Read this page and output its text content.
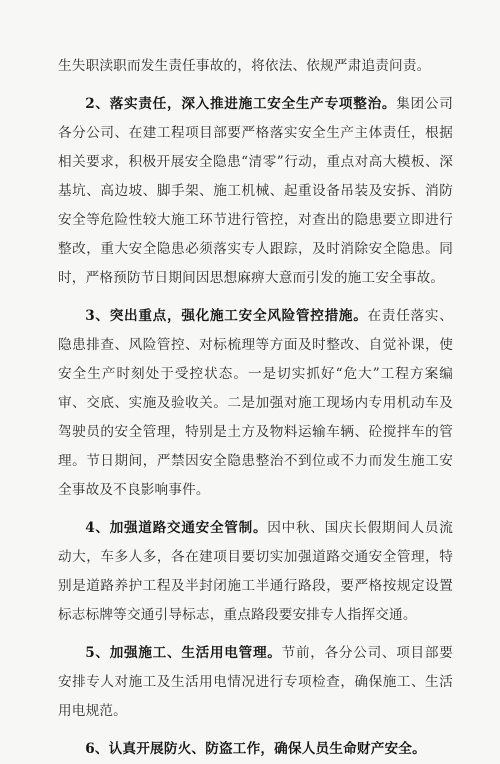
生失职渎职而发生责任事故的，将依法、依规严肃追责问责。

2、落实责任，深入推进施工安全生产专项整治。集团公司各分公司、在建工程项目部要严格落实安全生产主体责任，根据相关要求，积极开展安全隐患“清零”行动，重点对高大模板、深基坑、高边坡、脚手架、施工机械、起重设备吊装及安拆、消防安全等危险性较大施工环节进行管控，对查出的隐患要立即进行整改，重大安全隐患必须落实专人跟踪，及时消除安全隐患。同时，严格预防节日期间因思想麻痹大意而引发的施工安全事故。

3、突出重点，强化施工安全风险管控措施。在责任落实、隐患排查、风险管控、对标梳理等方面及时整改、自觉补课，使安全生产时刻处于受控状态。一是切实抓好“危大”工程方案编审、交底、实施及验收关。二是加强对施工现场内专用机动车及驾驶员的安全管理，特别是土方及物料运输车辆、砼搅拌车的管理。节日期间，严禁因安全隐患整治不到位或不力而发生施工安全事故及不良影响事件。

4、加强道路交通安全管制。因中秋、国庆长假期间人员流动大，车多人多，各在建项目要切实加强道路交通安全管理，特别是道路养护工程及半封闭施工半通行路段，要严格按规定设置标志标牌等交通引导标志，重点路段要安排专人指挥交通。

5、加强施工、生活用电管理。节前，各分公司、项目部要安排专人对施工及生活用电情况进行专项检查，确保施工、生活用电规范。

6、认真开展防火、防盗工作，确保人员生命财产安全。
